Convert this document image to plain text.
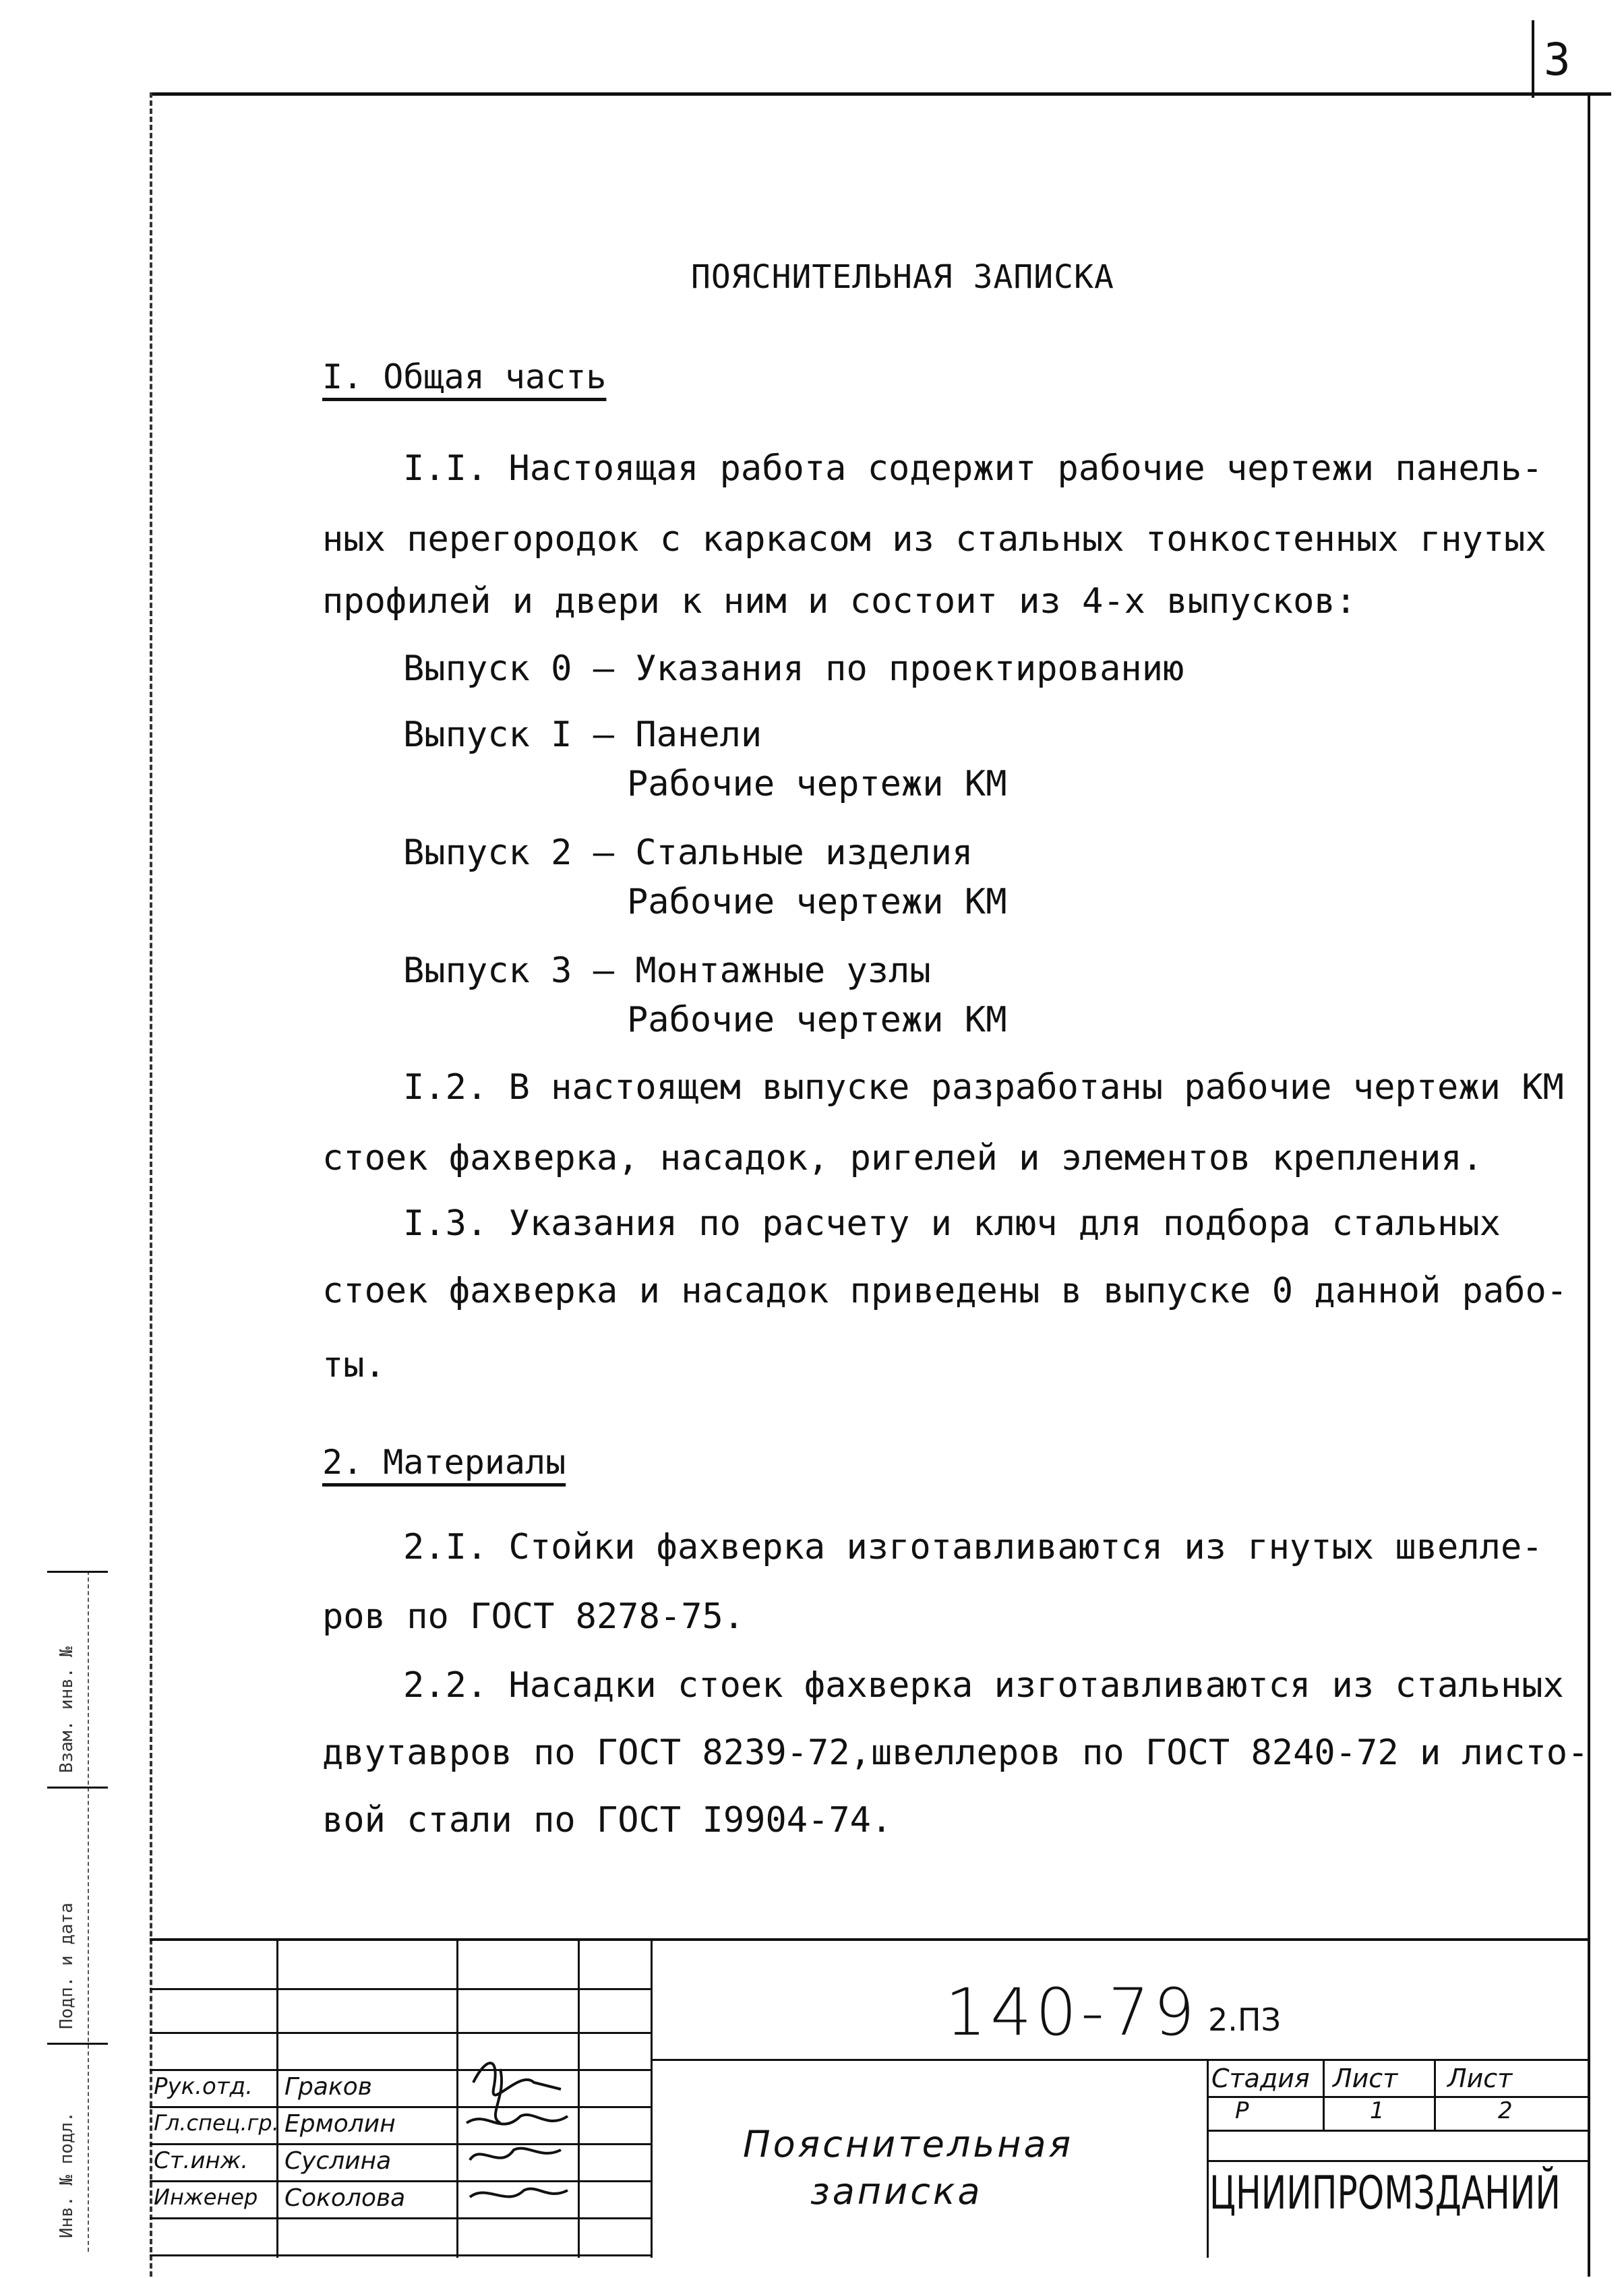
3
ПОЯСНИТЕЛЬНАЯ ЗАПИСКА
I. Общая часть
I.I. Настоящая работа содержит рабочие чертежи панель-
ных перегородок с каркасом из стальных тонкостенных гнутых
профилей и двери к ним и состоит из 4-х выпусков:
Выпуск 0 – Указания по проектированию
Выпуск I – Панели
Рабочие чертежи КМ
Выпуск 2 – Стальные изделия
Рабочие чертежи КМ
Выпуск 3 – Монтажные узлы
Рабочие чертежи КМ
I.2. В настоящем выпуске разработаны рабочие чертежи КМ
стоек фахверка, насадок, ригелей и элементов крепления.
I.3. Указания по расчету и ключ для подбора стальных
стоек фахверка и насадок приведены в выпуске 0 данной рабо-
ты.
2. Материалы
2.I. Стойки фахверка изготавливаются из гнутых швелле-
ров по ГОСТ 8278-75.
2.2. Насадки стоек фахверка изготавливаются из стальных
двутавров по ГОСТ 8239-72,швеллеров по ГОСТ 8240-72 и листо-
вой стали по ГОСТ I9904-74.
Взам. инв. №
Подп. и дата
Инв. № подл.
140-79 2.ПЗ
Пояснительная
записка
Стадия Лист Лист
Р	1	2
ЦНИИПРОМЗДАНИЙ
Рук.отд. Граков
Гл.спец.гр. Ермолин
Ст.инж. Суслина
Инженер Соколова
